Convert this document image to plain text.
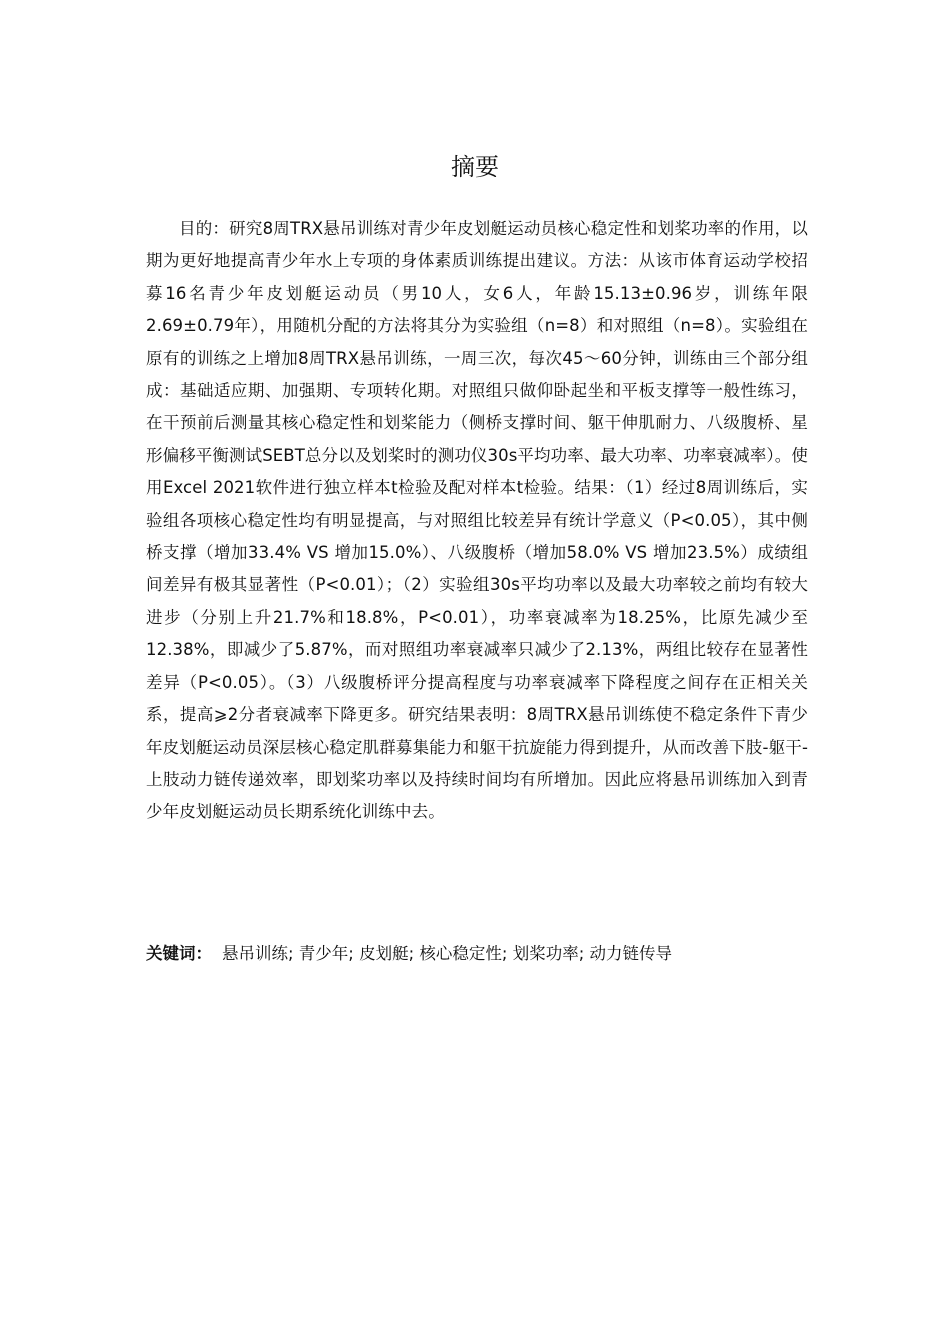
摘要

目的：研究8周TRX悬吊训练对青少年皮划艇运动员核心稳定性和划桨功率的作用，以期为更好地提高青少年水上专项的身体素质训练提出建议。方法：从该市体育运动学校招募16名青少年皮划艇运动员（男10人，女6人，年龄15.13±0.96岁，训练年限2.69±0.79年），用随机分配的方法将其分为实验组（n=8）和对照组（n=8）。实验组在原有的训练之上增加8周TRX悬吊训练，一周三次，每次45～60分钟，训练由三个部分组成：基础适应期、加强期、专项转化期。对照组只做仰卧起坐和平板支撑等一般性练习，在干预前后测量其核心稳定性和划桨能力（侧桥支撑时间、躯干伸肌耐力、八级腹桥、星形偏移平衡测试SEBT总分以及划桨时的测功仪30s平均功率、最大功率、功率衰减率）。使用Excel 2021软件进行独立样本t检验及配对样本t检验。结果：（1）经过8周训练后，实验组各项核心稳定性均有明显提高，与对照组比较差异有统计学意义（P<0.05），其中侧桥支撑（增加33.4% VS 增加15.0%）、八级腹桥（增加58.0% VS 增加23.5%）成绩组间差异有极其显著性（P<0.01）；（2）实验组30s平均功率以及最大功率较之前均有较大进步（分别上升21.7%和18.8%，P<0.01），功率衰减率为18.25%，比原先减少至12.38%，即减少了5.87%，而对照组功率衰减率只减少了2.13%，两组比较存在显著性差异（P<0.05）。（3）八级腹桥评分提高程度与功率衰减率下降程度之间存在正相关关系，提高⩾2分者衰减率下降更多。研究结果表明：8周TRX悬吊训练使不稳定条件下青少年皮划艇运动员深层核心稳定肌群募集能力和躯干抗旋能力得到提升，从而改善下肢-躯干-上肢动力链传递效率，即划桨功率以及持续时间均有所增加。因此应将悬吊训练加入到青少年皮划艇运动员长期系统化训练中去。

关键词： 悬吊训练; 青少年; 皮划艇; 核心稳定性; 划桨功率; 动力链传导
